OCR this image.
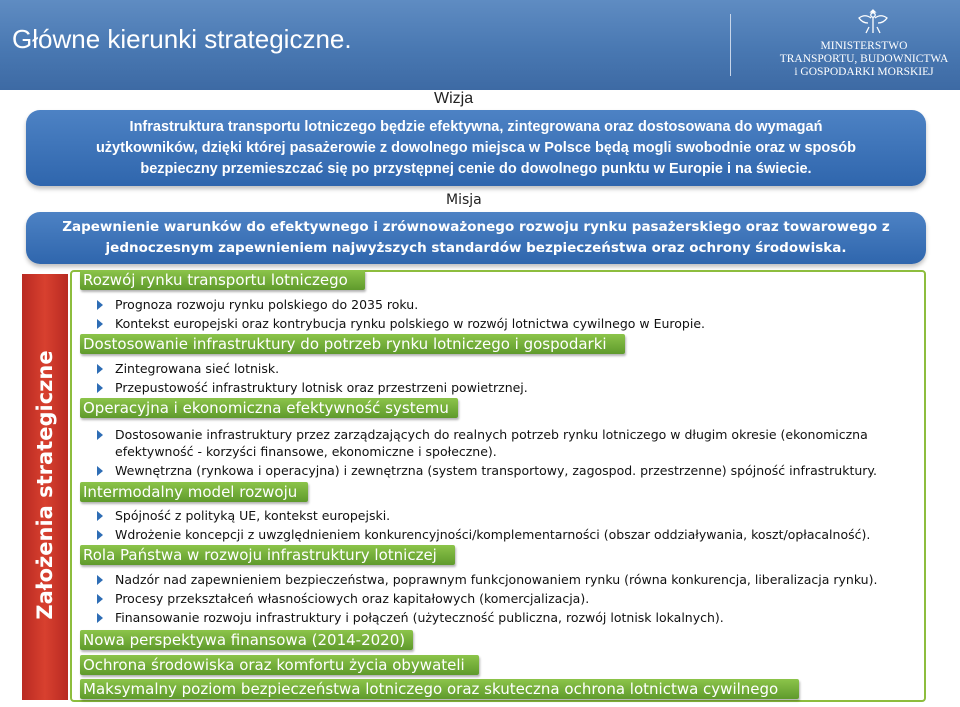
Główne kierunki strategiczne.	MINISTERSTWO
TRANSPORTU, BUDOWNICTWA
i GOSPODARKI MORSKIEJ
Wizja
Infrastruktura transportu lotniczego będzie efektywna, zintegrowana oraz dostosowana do wymagań
użytkowników, dzięki której pasażerowie z dowolnego miejsca w Polsce będą mogli swobodnie oraz w sposób
bezpieczny przemieszczać się po przystępnej cenie do dowolnego punktu w Europie i na świecie.
Misja
Zapewnienie warunków do efektywnego i zrównoważonego rozwoju rynku pasażerskiego oraz towarowego z
jednoczesnym zapewnieniem najwyższych standardów bezpieczeństwa oraz ochrony środowiska.
Założenia strategiczne
Rozwój rynku transportu lotniczego
Prognoza rozwoju rynku polskiego do 2035 roku.
Kontekst europejski oraz kontrybucja rynku polskiego w rozwój lotnictwa cywilnego w Europie.
Dostosowanie infrastruktury do potrzeb rynku lotniczego i gospodarki
Zintegrowana sieć lotnisk.
Przepustowość infrastruktury lotnisk oraz przestrzeni powietrznej.
Operacyjna i ekonomiczna efektywność systemu
Dostosowanie infrastruktury przez zarządzających do realnych potrzeb rynku lotniczego w długim okresie (ekonomiczna
efektywność - korzyści finansowe, ekonomiczne i społeczne).
Wewnętrzna (rynkowa i operacyjna) i zewnętrzna (system transportowy, zagospod. przestrzenne) spójność infrastruktury.
Intermodalny model rozwoju
Spójność z polityką UE, kontekst europejski.
Wdrożenie koncepcji z uwzględnieniem konkurencyjności/komplementarności (obszar oddziaływania, koszt/opłacalność).
Rola Państwa w rozwoju infrastruktury lotniczej
Nadzór nad zapewnieniem bezpieczeństwa, poprawnym funkcjonowaniem rynku (równa konkurencja, liberalizacja rynku).
Procesy przekształceń własnościowych oraz kapitałowych (komercjalizacja).
Finansowanie rozwoju infrastruktury i połączeń (użyteczność publiczna, rozwój lotnisk lokalnych).
Nowa perspektywa finansowa (2014-2020)
Ochrona środowiska oraz komfortu życia obywateli
Maksymalny poziom bezpieczeństwa lotniczego oraz skuteczna ochrona lotnictwa cywilnego
